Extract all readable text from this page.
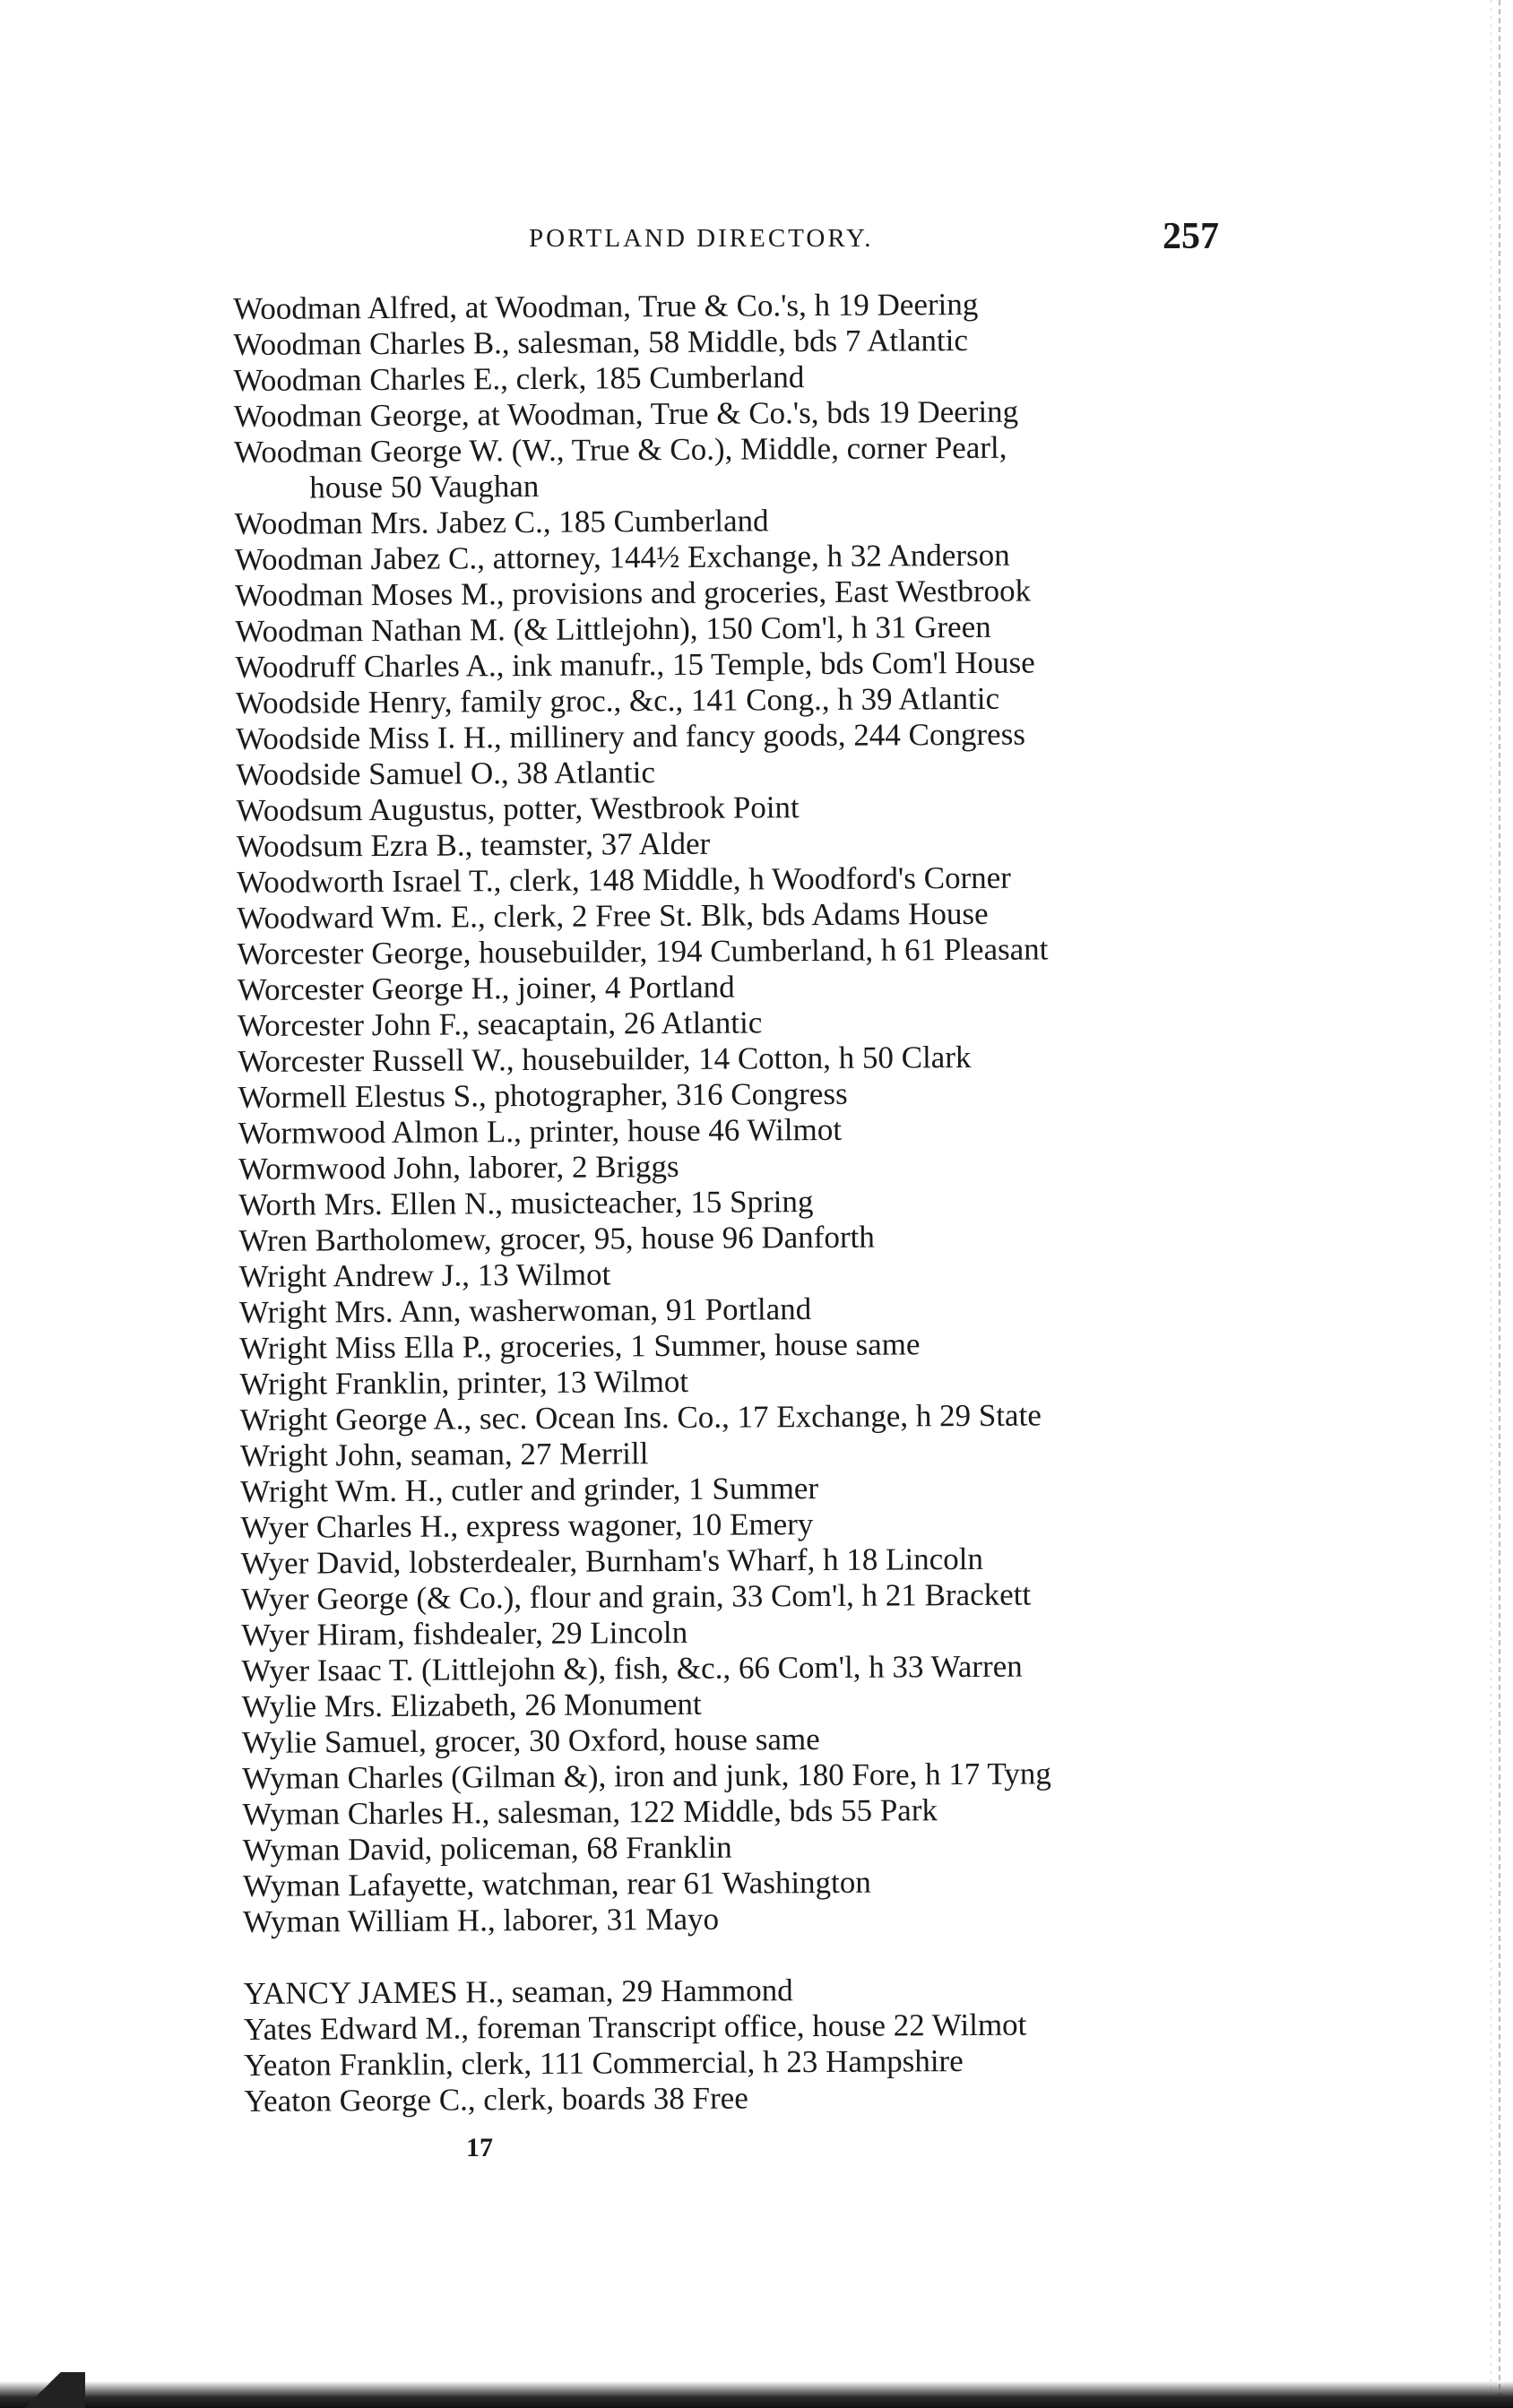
PORTLAND DIRECTORY.	257
Woodman Alfred, at Woodman, True & Co.'s, h 19 Deering
Woodman Charles B., salesman, 58 Middle, bds 7 Atlantic
Woodman Charles E., clerk, 185 Cumberland
Woodman George, at Woodman, True & Co.'s, bds 19 Deering
Woodman George W. (W., True & Co.), Middle, corner Pearl,
house 50 Vaughan
Woodman Mrs. Jabez C., 185 Cumberland
Woodman Jabez C., attorney, 144½ Exchange, h 32 Anderson
Woodman Moses M., provisions and groceries, East Westbrook
Woodman Nathan M. (& Littlejohn), 150 Com'l, h 31 Green
Woodruff Charles A., ink manufr., 15 Temple, bds Com'l House
Woodside Henry, family groc., &c., 141 Cong., h 39 Atlantic
Woodside Miss I. H., millinery and fancy goods, 244 Congress
Woodside Samuel O., 38 Atlantic
Woodsum Augustus, potter, Westbrook Point
Woodsum Ezra B., teamster, 37 Alder
Woodworth Israel T., clerk, 148 Middle, h Woodford's Corner
Woodward Wm. E., clerk, 2 Free St. Blk, bds Adams House
Worcester George, housebuilder, 194 Cumberland, h 61 Pleasant
Worcester George H., joiner, 4 Portland
Worcester John F., seacaptain, 26 Atlantic
Worcester Russell W., housebuilder, 14 Cotton, h 50 Clark
Wormell Elestus S., photographer, 316 Congress
Wormwood Almon L., printer, house 46 Wilmot
Wormwood John, laborer, 2 Briggs
Worth Mrs. Ellen N., musicteacher, 15 Spring
Wren Bartholomew, grocer, 95, house 96 Danforth
Wright Andrew J., 13 Wilmot
Wright Mrs. Ann, washerwoman, 91 Portland
Wright Miss Ella P., groceries, 1 Summer, house same
Wright Franklin, printer, 13 Wilmot
Wright George A., sec. Ocean Ins. Co., 17 Exchange, h 29 State
Wright John, seaman, 27 Merrill
Wright Wm. H., cutler and grinder, 1 Summer
Wyer Charles H., express wagoner, 10 Emery
Wyer David, lobsterdealer, Burnham's Wharf, h 18 Lincoln
Wyer George (& Co.), flour and grain, 33 Com'l, h 21 Brackett
Wyer Hiram, fishdealer, 29 Lincoln
Wyer Isaac T. (Littlejohn &), fish, &c., 66 Com'l, h 33 Warren
Wylie Mrs. Elizabeth, 26 Monument
Wylie Samuel, grocer, 30 Oxford, house same
Wyman Charles (Gilman &), iron and junk, 180 Fore, h 17 Tyng
Wyman Charles H., salesman, 122 Middle, bds 55 Park
Wyman David, policeman, 68 Franklin
Wyman Lafayette, watchman, rear 61 Washington
Wyman William H., laborer, 31 Mayo
YANCY JAMES H., seaman, 29 Hammond
Yates Edward M., foreman Transcript office, house 22 Wilmot
Yeaton Franklin, clerk, 111 Commercial, h 23 Hampshire
Yeaton George C., clerk, boards 38 Free
17
